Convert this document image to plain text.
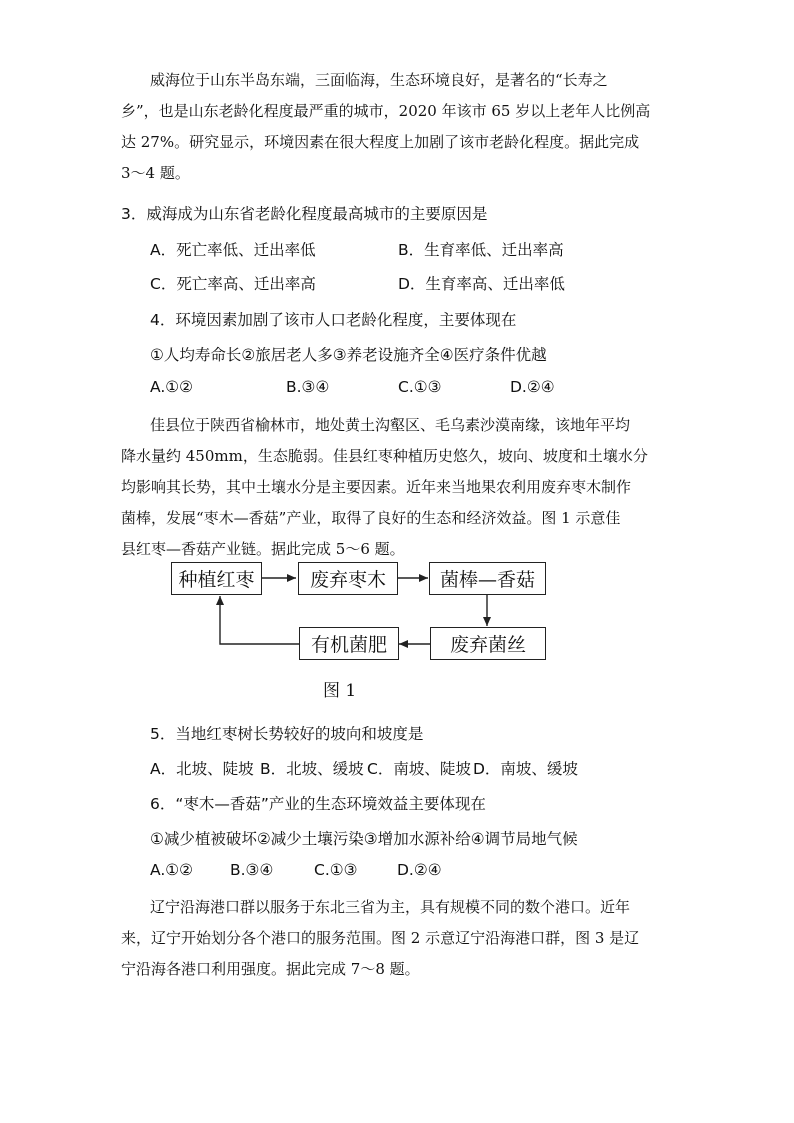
威海位于山东半岛东端，三面临海，生态环境良好，是著名的“长寿之
乡”，也是山东老龄化程度最严重的城市，2020 年该市 65 岁以上老年人比例高
达 27%。研究显示，环境因素在很大程度上加剧了该市老龄化程度。据此完成
3～4 题。
3．威海成为山东省老龄化程度最高城市的主要原因是
A．死亡率低、迁出率低	B．生育率低、迁出率高
C．死亡率高、迁出率高	D．生育率高、迁出率低
4．环境因素加剧了该市人口老龄化程度，主要体现在
①人均寿命长②旅居老人多③养老设施齐全④医疗条件优越
A.①②	B.③④	C.①③	D.②④
佳县位于陕西省榆林市，地处黄土沟壑区、毛乌素沙漠南缘，该地年平均
降水量约 450mm，生态脆弱。佳县红枣种植历史悠久，坡向、坡度和土壤水分
均影响其长势，其中土壤水分是主要因素。近年来当地果农利用废弃枣木制作
菌棒，发展“枣木—香菇”产业，取得了良好的生态和经济效益。图 1 示意佳
县红枣—香菇产业链。据此完成 5～6 题。
种植红枣	废弃枣木	菌棒—香菇
废弃菌丝
有机菌肥
图 1
5．当地红枣树长势较好的坡向和坡度是
A．北坡、陡坡 B．北坡、缓坡 C．南坡、陡坡 D．南坡、缓坡
6．“枣木—香菇”产业的生态环境效益主要体现在
①减少植被破坏②减少土壤污染③增加水源补给④调节局地气候
A.①② B.③④	C.①③	D.②④
辽宁沿海港口群以服务于东北三省为主，具有规模不同的数个港口。近年
来，辽宁开始划分各个港口的服务范围。图 2 示意辽宁沿海港口群，图 3 是辽
宁沿海各港口利用强度。据此完成 7～8 题。
